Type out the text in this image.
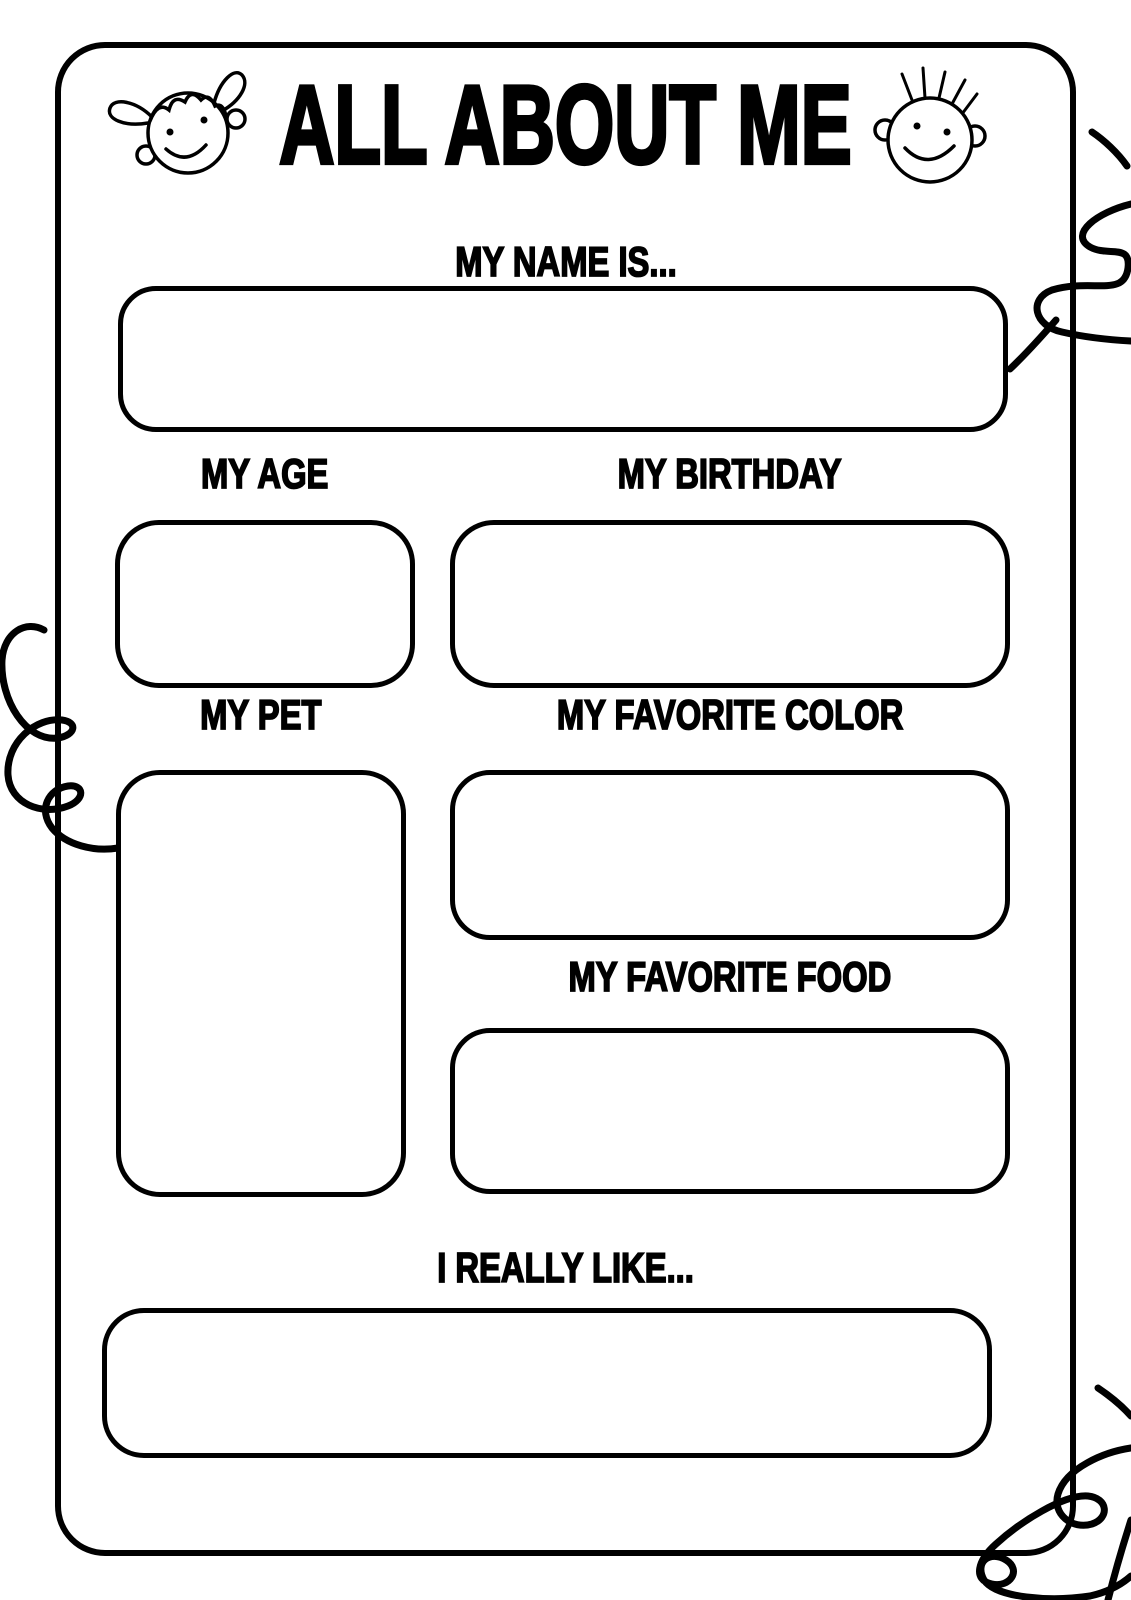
ALL ABOUT ME
MY NAME IS...
MY AGE	MY BIRTHDAY
MY PET	MY FAVORITE COLOR
MY FAVORITE FOOD
I REALLY LIKE...
